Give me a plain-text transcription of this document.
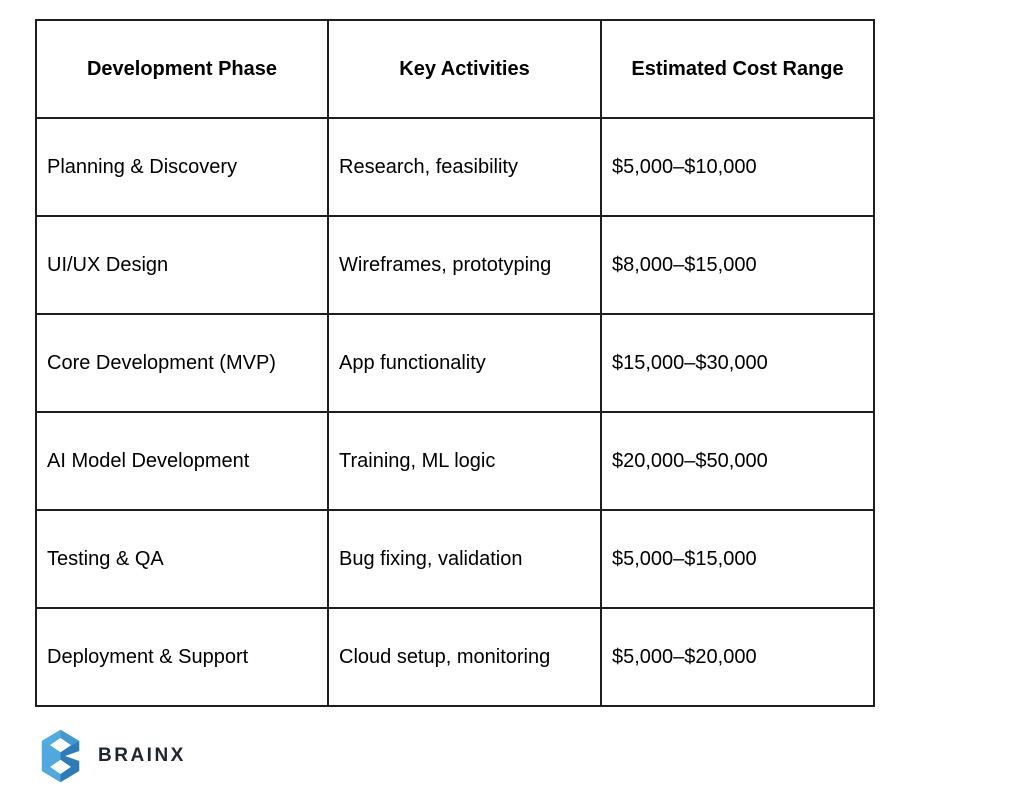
Development Phase	Key Activities	Estimated Cost Range
Planning & Discovery	Research, feasibility	$5,000–$10,000
UI/UX Design	Wireframes, prototyping	$8,000–$15,000
Core Development (MVP)	App functionality	$15,000–$30,000
AI Model Development	Training, ML logic	$20,000–$50,000
Testing & QA	Bug fixing, validation	$5,000–$15,000
Deployment & Support	Cloud setup, monitoring	$5,000–$20,000
BRAINX
